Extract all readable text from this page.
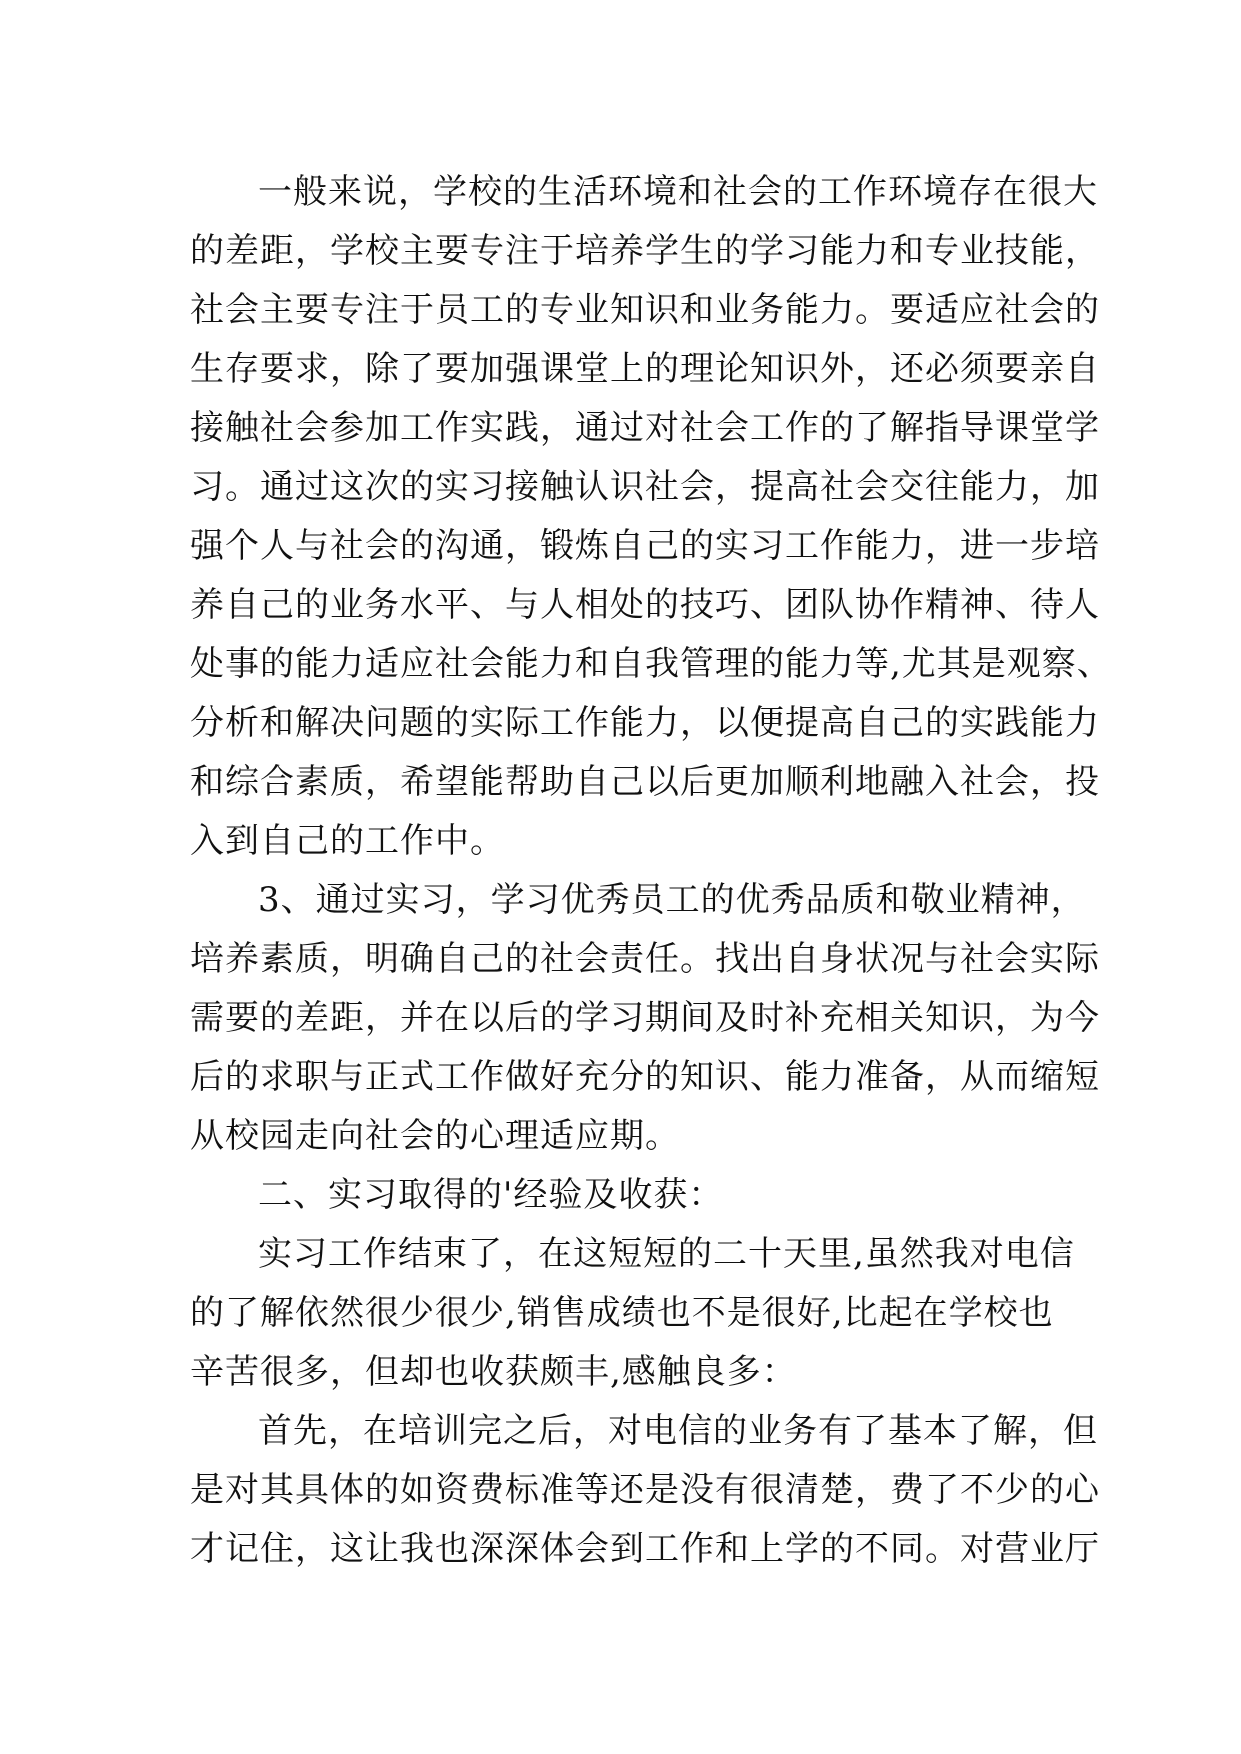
一般来说，学校的生活环境和社会的工作环境存在很大
的差距，学校主要专注于培养学生的学习能力和专业技能，
社会主要专注于员工的专业知识和业务能力。要适应社会的
生存要求，除了要加强课堂上的理论知识外，还必须要亲自
接触社会参加工作实践，通过对社会工作的了解指导课堂学
习。通过这次的实习接触认识社会，提高社会交往能力，加
强个人与社会的沟通，锻炼自己的实习工作能力，进一步培
养自己的业务水平、与人相处的技巧、团队协作精神、待人
处事的能力适应社会能力和自我管理的能力等,尤其是观察、
分析和解决问题的实际工作能力，以便提高自己的实践能力
和综合素质，希望能帮助自己以后更加顺利地融入社会，投
入到自己的工作中。
3、通过实习，学习优秀员工的优秀品质和敬业精神，
培养素质，明确自己的社会责任。找出自身状况与社会实际
需要的差距，并在以后的学习期间及时补充相关知识，为今
后的求职与正式工作做好充分的知识、能力准备，从而缩短
从校园走向社会的心理适应期。
二、实习取得的'经验及收获：
实习工作结束了，在这短短的二十天里,虽然我对电信
的了解依然很少很少,销售成绩也不是很好,比起在学校也
辛苦很多，但却也收获颇丰,感触良多：
首先，在培训完之后，对电信的业务有了基本了解，但
是对其具体的如资费标准等还是没有很清楚，费了不少的心
才记住，这让我也深深体会到工作和上学的不同。对营业厅
